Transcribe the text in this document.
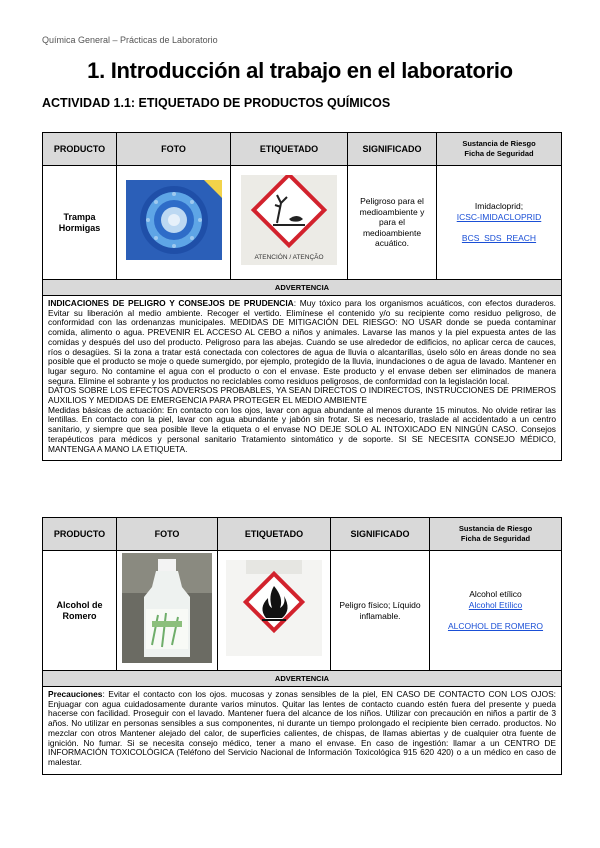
Química General – Prácticas de Laboratorio
1. Introducción al trabajo en el laboratorio
ACTIVIDAD 1.1: ETIQUETADO DE PRODUCTOS QUÍMICOS
PRODUCTO	FOTO	ETIQUETADO	SIGNIFICADO	Sustancia de Riesgo
Ficha de Seguridad
Trampa
Hormigas		ATENCIÓN / ATENÇÃO	Peligroso para el medioambiente y para el medioambiente acuático.	Imidacloprid;
ICSC-IMIDACLOPRID
BCS_SDS_REACH

ADVERTENCIA				
INDICACIONES DE PELIGRO Y CONSEJOS DE PRUDENCIA: Muy tóxico para los organismos acuáticos, con efectos duraderos. Evitar su liberación al medio ambiente. Recoger el vertido. Elimínese el contenido y/o su recipiente como residuo peligroso, de conformidad con las ordenanzas municipales. MEDIDAS DE MITIGACIÓN DEL RIESGO: NO USAR donde se pueda contaminar comida, alimento o agua. PREVENIR EL ACCESO AL CEBO a niños y animales. Lavarse las manos y la piel expuesta antes de las comidas y después del uso del producto. Peligroso para las abejas. Cuando se use alrededor de edificios, no aplicar cerca de cauces, ríos o desagües. Si la zona a tratar está conectada con colectores de agua de lluvia o alcantarillas, úselo sólo en áreas donde no sea posible que el producto se moje o quede sumergido, por ejemplo, protegido de la lluvia, inundaciones o de agua de lavado. Mantener en lugar seguro. No contamine el agua con el producto o con el envase. Este producto y el envase deben ser eliminados de manera segura. Elimine el sobrante y los productos no reciclables como residuos peligrosos, de conformidad con la legislación local.
DATOS SOBRE LOS EFECTOS ADVERSOS PROBABLES, YA SEAN DIRECTOS O INDIRECTOS, INSTRUCCIONES DE PRIMEROS AUXILIOS Y MEDIDAS DE EMERGENCIA PARA PROTEGER EL MEDIO AMBIENTE
Medidas básicas de actuación: En contacto con los ojos, lavar con agua abundante al menos durante 15 minutos. No olvide retirar las lentillas. En contacto con la piel, lavar con agua abundante y jabón sin frotar. Si es necesario, traslade al accidentado a un centro sanitario, y siempre que sea posible lleve la etiqueta o el envase NO DEJE SOLO AL INTOXICADO EN NINGÚN CASO. Consejos terapéuticos para médicos y personal sanitario Tratamiento sintomático y de soporte. SI SE NECESITA CONSEJO MÉDICO, MANTENGA A MANO LA ETIQUETA.				
PRODUCTO	FOTO	ETIQUETADO	SIGNIFICADO	Sustancia de Riesgo
Ficha de Seguridad
Alcohol de
Romero			Peligro físico; Líquido inflamable.	Alcohol etílico
Alcohol Etílico
ALCOHOL DE ROMERO

ADVERTENCIA				
Precauciones: Evitar el contacto con los ojos. mucosas y zonas sensibles de la piel, EN CASO DE CONTACTO CON LOS OJOS: Enjuagar con agua cuidadosamente durante varios minutos. Quitar las lentes de contacto cuando estén fuera del presente y pueda hacerse con facilidad. Proseguir con el lavado. Mantener fuera del alcance de los niños. Utilizar con precaución en niños a partir de 3 años. No utilizar en personas sensibles a sus componentes, ni durante un tiempo prolongado el recipiente bien cerrado. productos. No mezclar con otros Mantener alejado del calor, de superficies calientes, de chispas, de llamas abiertas y de cualquier otra fuente de ignición. No fumar. Si se necesita consejo médico, tener a mano el envase. En caso de ingestión: llamar a un CENTRO DE INFORMACIÓN TOXICOLÓGICA (Teléfono del Servicio Nacional de Información Toxicológica 915 620 420) o a un médico en caso de malestar.				
